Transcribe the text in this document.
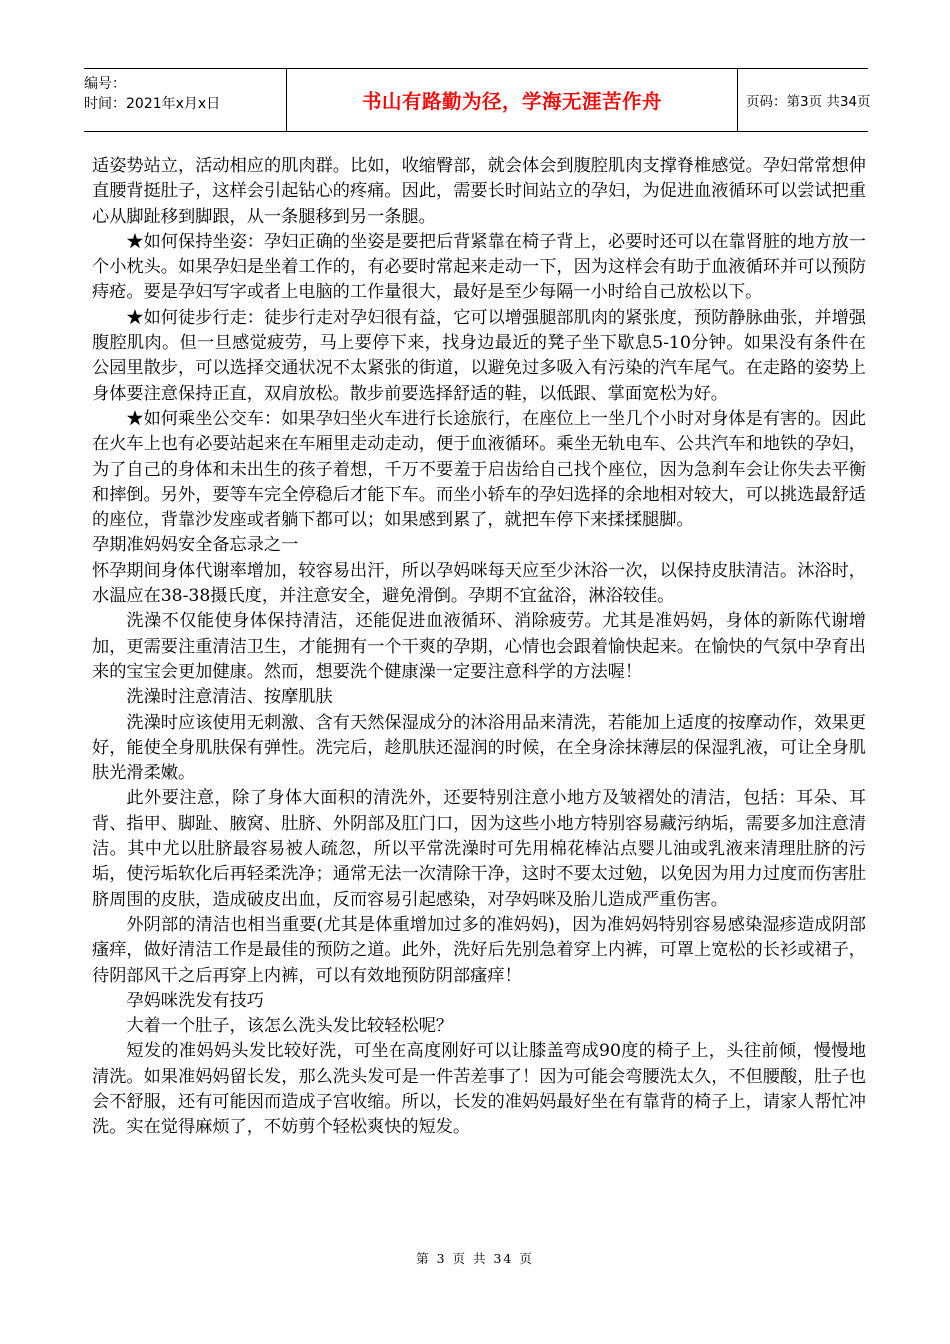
编号：
时间：2021年x月x日	书山有路勤为径，学海无涯苦作舟	页码：第3页 共34页

适姿势站立，活动相应的肌肉群。比如，收缩臀部，就会体会到腹腔肌肉支撑脊椎感觉。孕妇常常想伸直腰背挺肚子，这样会引起钻心的疼痛。因此，需要长时间站立的孕妇，为促进血液循环可以尝试把重心从脚趾移到脚跟，从一条腿移到另一条腿。

★如何保持坐姿：孕妇正确的坐姿是要把后背紧靠在椅子背上，必要时还可以在靠肾脏的地方放一个小枕头。如果孕妇是坐着工作的，有必要时常起来走动一下，因为这样会有助于血液循环并可以预防痔疮。要是孕妇写字或者上电脑的工作量很大，最好是至少每隔一小时给自己放松以下。

★如何徒步行走：徒步行走对孕妇很有益，它可以增强腿部肌肉的紧张度，预防静脉曲张，并增强腹腔肌肉。但一旦感觉疲劳，马上要停下来，找身边最近的凳子坐下歇息5-10分钟。如果没有条件在公园里散步，可以选择交通状况不太紧张的街道，以避免过多吸入有污染的汽车尾气。在走路的姿势上身体要注意保持正直，双肩放松。散步前要选择舒适的鞋，以低跟、掌面宽松为好。

★如何乘坐公交车：如果孕妇坐火车进行长途旅行，在座位上一坐几个小时对身体是有害的。因此在火车上也有必要站起来在车厢里走动走动，便于血液循环。乘坐无轨电车、公共汽车和地铁的孕妇，为了自己的身体和未出生的孩子着想，千万不要羞于启齿给自己找个座位，因为急刹车会让你失去平衡和摔倒。另外，要等车完全停稳后才能下车。而坐小轿车的孕妇选择的余地相对较大，可以挑选最舒适的座位，背靠沙发座或者躺下都可以；如果感到累了，就把车停下来揉揉腿脚。

孕期准妈妈安全备忘录之一

怀孕期间身体代谢率增加，较容易出汗，所以孕妈咪每天应至少沐浴一次，以保持皮肤清洁。沐浴时，水温应在38-38摄氏度，并注意安全，避免滑倒。孕期不宜盆浴，淋浴较佳。

洗澡不仅能使身体保持清洁，还能促进血液循环、消除疲劳。尤其是准妈妈，身体的新陈代谢增加，更需要注重清洁卫生，才能拥有一个干爽的孕期，心情也会跟着愉快起来。在愉快的气氛中孕育出来的宝宝会更加健康。然而，想要洗个健康澡一定要注意科学的方法喔！

洗澡时注意清洁、按摩肌肤

洗澡时应该使用无刺激、含有天然保湿成分的沐浴用品来清洗，若能加上适度的按摩动作，效果更好，能使全身肌肤保有弹性。洗完后，趁肌肤还湿润的时候，在全身涂抹薄层的保湿乳液，可让全身肌肤光滑柔嫩。

此外要注意，除了身体大面积的清洗外，还要特别注意小地方及皱褶处的清洁，包括：耳朵、耳背、指甲、脚趾、腋窝、肚脐、外阴部及肛门口，因为这些小地方特别容易藏污纳垢，需要多加注意清洁。其中尤以肚脐最容易被人疏忽，所以平常洗澡时可先用棉花棒沾点婴儿油或乳液来清理肚脐的污垢，使污垢软化后再轻柔洗净；通常无法一次清除干净，这时不要太过勉，以免因为用力过度而伤害肚脐周围的皮肤，造成破皮出血，反而容易引起感染，对孕妈咪及胎儿造成严重伤害。

外阴部的清洁也相当重要(尤其是体重增加过多的准妈妈)，因为准妈妈特别容易感染湿疹造成阴部瘙痒，做好清洁工作是最佳的预防之道。此外，洗好后先别急着穿上内裤，可罩上宽松的长衫或裙子，待阴部风干之后再穿上内裤，可以有效地预防阴部瘙痒！

孕妈咪洗发有技巧

大着一个肚子，该怎么洗头发比较轻松呢？

短发的准妈妈头发比较好洗，可坐在高度刚好可以让膝盖弯成90度的椅子上，头往前倾，慢慢地清洗。如果准妈妈留长发，那么洗头发可是一件苦差事了！因为可能会弯腰洗太久，不但腰酸，肚子也会不舒服，还有可能因而造成子宫收缩。所以，长发的准妈妈最好坐在有靠背的椅子上，请家人帮忙冲洗。实在觉得麻烦了，不妨剪个轻松爽快的短发。

第 3 页 共 34 页
